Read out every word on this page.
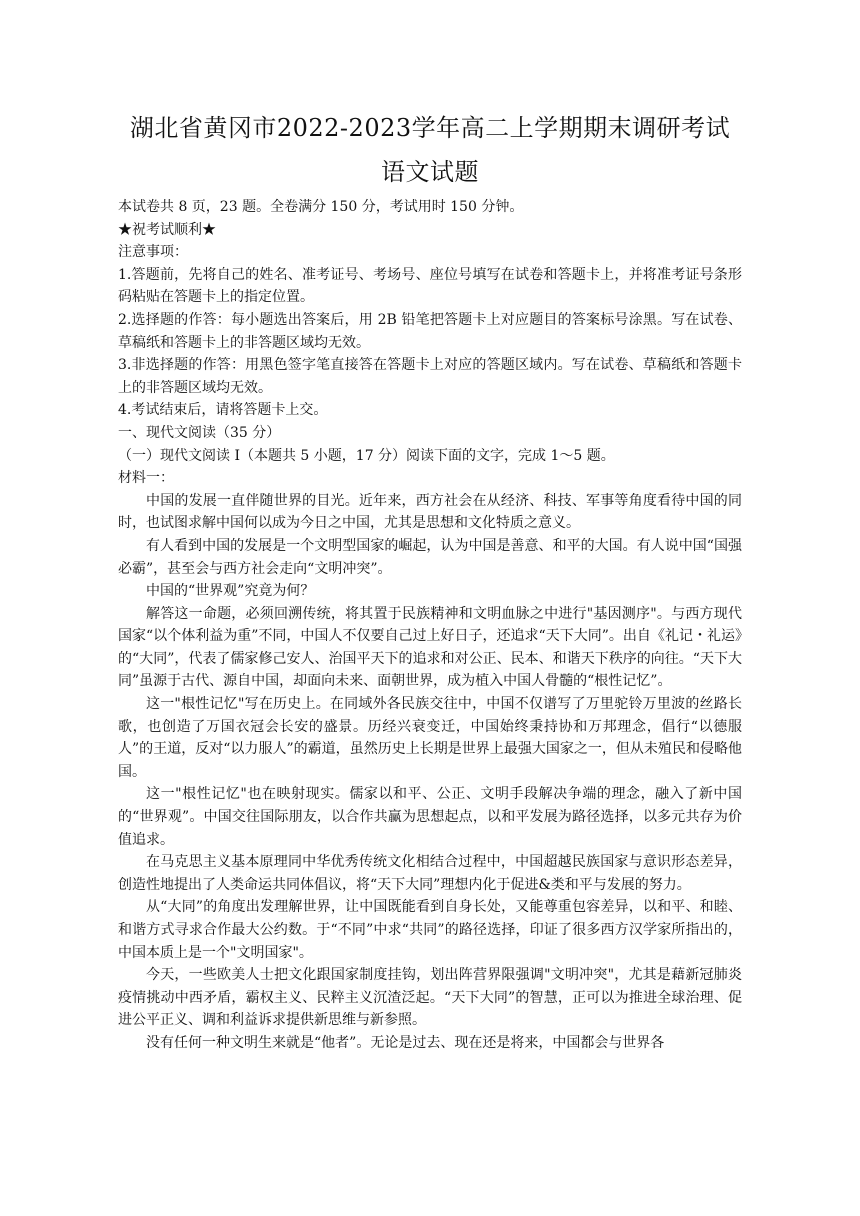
湖北省黄冈市2022-2023学年高二上学期期末调研考试
语文试题

本试卷共 8 页，23 题。全卷满分 150 分，考试用时 150 分钟。

★祝考试顺利★

注意事项：

1.答题前，先将自己的姓名、准考证号、考场号、座位号填写在试卷和答题卡上，并将准考证号条形码粘贴在答题卡上的指定位置。

2.选择题的作答：每小题选出答案后，用 2B 铅笔把答题卡上对应题目的答案标号涂黑。写在试卷、草稿纸和答题卡上的非答题区域均无效。

3.非选择题的作答：用黑色签字笔直接答在答题卡上对应的答题区域内。写在试卷、草稿纸和答题卡上的非答题区域均无效。

4.考试结束后，请将答题卡上交。

一、现代文阅读（35 分）

（一）现代文阅读 I（本题共 5 小题，17 分）阅读下面的文字，完成 1～5 题。

材料一：

中国的发展一直伴随世界的目光。近年来，西方社会在从经济、科技、军事等角度看待中国的同时，也试图求解中国何以成为今日之中国，尤其是思想和文化特质之意义。

有人看到中国的发展是一个文明型国家的崛起，认为中国是善意、和平的大国。有人说中国“国强必霸”，甚至会与西方社会走向“文明冲突”。

中国的“世界观”究竟为何？

解答这一命题，必须回溯传统，将其置于民族精神和文明血脉之中进行"基因测序"。与西方现代国家“以个体利益为重”不同，中国人不仅要自己过上好日子，还追求“天下大同”。出自《礼记・礼运》的“大同”，代表了儒家修己安人、治国平天下的追求和对公正、民本、和谐天下秩序的向往。“天下大同”虽源于古代、源自中国，却面向未来、面朝世界，成为植入中国人骨髓的“根性记忆”。

这一"根性记忆"写在历史上。在同域外各民族交往中，中国不仅谱写了万里驼铃万里波的丝路长歌，也创造了万国衣冠会长安的盛景。历经兴衰变迁，中国始终秉持协和万邦理念，倡行“以德服人”的王道，反对“以力服人”的霸道，虽然历史上长期是世界上最强大国家之一，但从未殖民和侵略他国。

这一"根性记忆"也在映射现实。儒家以和平、公正、文明手段解决争端的理念，融入了新中国的“世界观”。中国交往国际朋友，以合作共赢为思想起点，以和平发展为路径选择，以多元共存为价值追求。

在马克思主义基本原理同中华优秀传统文化相结合过程中，中国超越民族国家与意识形态差异，创造性地提出了人类命运共同体倡议，将“天下大同”理想内化于促进&类和平与发展的努力。

从“大同”的角度出发理解世界，让中国既能看到自身长处，又能尊重包容差异，以和平、和睦、和谐方式寻求合作最大公约数。于“不同”中求“共同”的路径选择，印证了很多西方汉学家所指出的，中国本质上是一个"文明国家"。

今天，一些欧美人士把文化跟国家制度挂钩，划出阵营界限强调"文明冲突"，尤其是藉新冠肺炎疫情挑动中西矛盾，霸权主义、民粹主义沉渣泛起。“天下大同”的智慧，正可以为推进全球治理、促进公平正义、调和利益诉求提供新思维与新参照。

没有任何一种文明生来就是“他者”。无论是过去、现在还是将来，中国都会与世界各
